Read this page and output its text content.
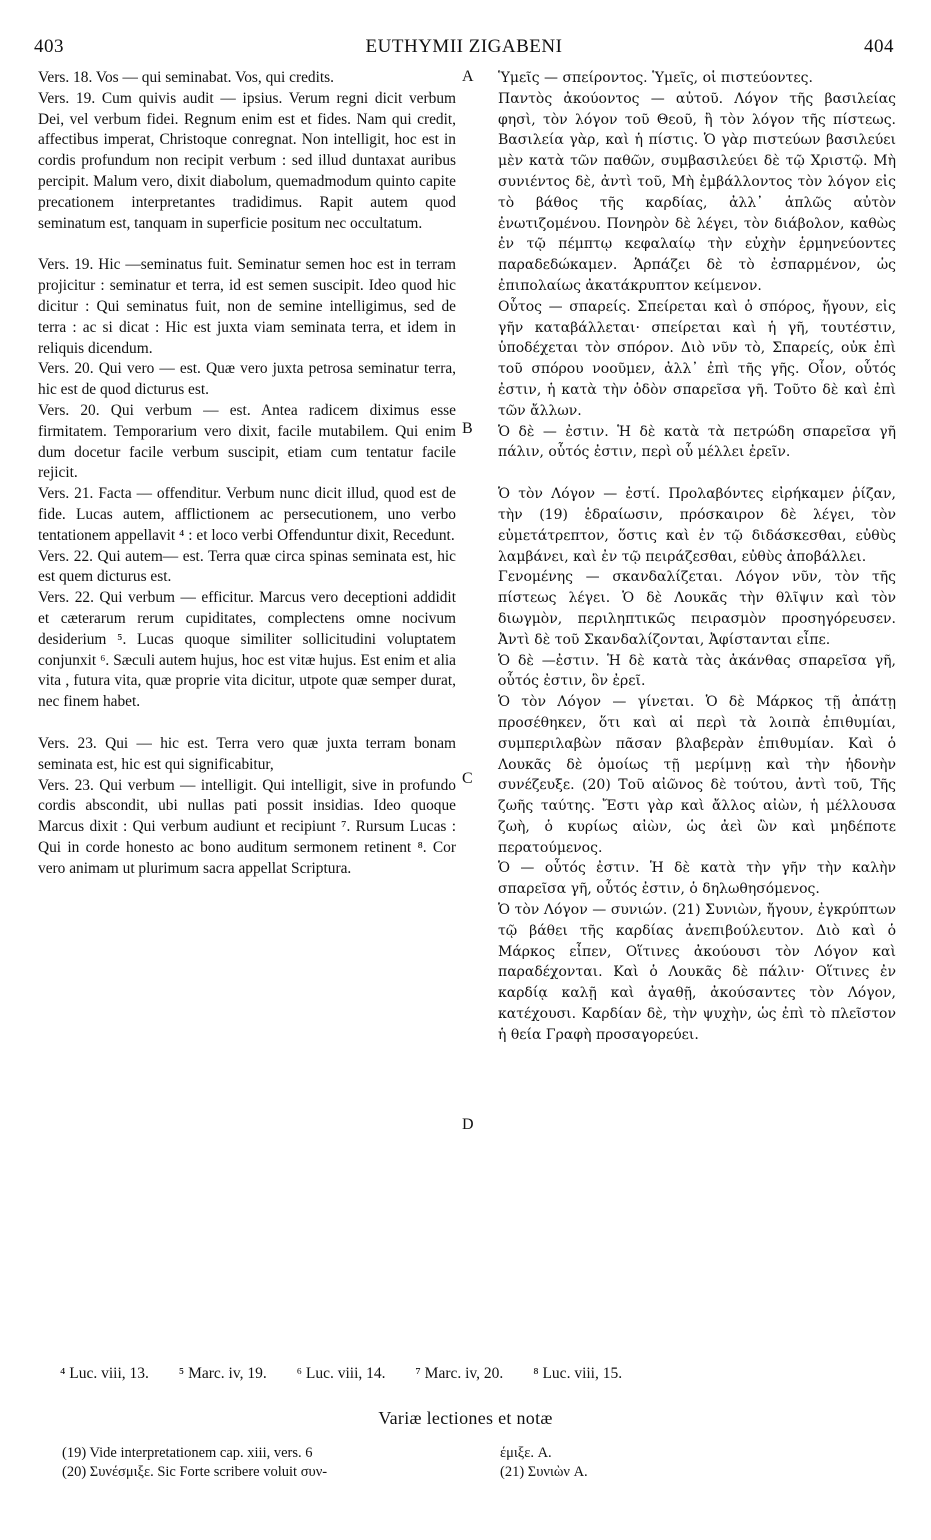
403	EUTHYMII ZIGABENI	404

Vers. 18. Vos — qui seminabat. Vos, qui credits.

Vers. 19. Cum quivis audit — ipsius. Verum regni dicit verbum Dei, vel verbum fidei. Regnum enim est et fides. Nam qui credit, affectibus imperat, Christoque conregnat. Non intelligit, hoc est in cordis profundum non recipit verbum : sed illud duntaxat auribus percipit. Malum vero, dixit diabolum, quemadmodum quinto capite precationem interpretantes tradidimus. Rapit autem quod seminatum est, tanquam in superficie positum nec occultatum.

Vers. 19. Hic —seminatus fuit. Seminatur semen hoc est in terram projicitur : seminatur et terra, id est semen suscipit. Ideo quod hic dicitur : Qui seminatus fuit, non de semine intelligimus, sed de terra : ac si dicat : Hic est juxta viam seminata terra, et idem in reliquis dicendum.

Vers. 20. Qui vero — est. Quæ vero juxta petrosa seminatur terra, hic est de quod dicturus est.

Vers. 20. Qui verbum — est. Antea radicem diximus esse firmitatem. Temporarium vero dixit, facile mutabilem. Qui enim dum docetur facile verbum suscipit, etiam cum tentatur facile rejicit.

Vers. 21. Facta — offenditur. Verbum nunc dicit illud, quod est de fide. Lucas autem, afflictionem ac persecutionem, uno verbo tentationem appellavit ⁴ : et loco verbi Offenduntur dixit, Recedunt.

Vers. 22. Qui autem— est. Terra quæ circa spinas seminata est, hic est quem dicturus est.

Vers. 22. Qui verbum — efficitur. Marcus vero deceptioni addidit et cæterarum rerum cupiditates, complectens omne nocivum desiderium ⁵. Lucas quoque similiter sollicitudini voluptatem conjunxit ⁶. Sæculi autem hujus, hoc est vitæ hujus. Est enim et alia vita , futura vita, quæ proprie vita dicitur, utpote quæ semper durat, nec finem habet.

Vers. 23. Qui — hic est. Terra vero quæ juxta terram bonam seminata est, hic est qui significabitur,

Vers. 23. Qui verbum — intelligit. Qui intelligit, sive in profundo cordis abscondit, ubi nullas pati possit insidias. Ideo quoque Marcus dixit : Qui verbum audiunt et recipiunt ⁷. Rursum Lucas : Qui in corde honesto ac bono auditum sermonem retinent ⁸. Cor vero animam ut plurimum sacra appellat Scriptura.

A
B
C
D

Ὑμεῖς — σπείροντος. Ὑμεῖς, οἱ πιστεύοντες.

Παντὸς ἀκούοντος — αὐτοῦ. Λόγον τῆς βασιλείας φησὶ, τὸν λόγον τοῦ Θεοῦ, ἢ τὸν λόγον τῆς πίστεως. Βασιλεία γὰρ, καὶ ἡ πίστις. Ὁ γὰρ πιστεύων βασιλεύει μὲν κατὰ τῶν παθῶν, συμβασιλεύει δὲ τῷ Χριστῷ. Μὴ συνιέντος δὲ, ἀντὶ τοῦ, Μὴ ἐμβάλλοντος τὸν λόγον εἰς τὸ βάθος τῆς καρδίας, ἀλλ᾽ ἁπλῶς αὐτὸν ἐνωτιζομένου. Πονηρὸν δὲ λέγει, τὸν διάβολον, καθὼς ἐν τῷ πέμπτῳ κεφαλαίῳ τὴν εὐχὴν ἑρμηνεύοντες παραδεδώκαμεν. Ἁρπάζει δὲ τὸ ἐσπαρμένον, ὡς ἐπιπολαίως ἀκατάκρυπτον κείμενον.

Οὗτος — σπαρείς. Σπείρεται καὶ ὁ σπόρος, ἤγουν, εἰς γῆν καταβάλλεται· σπείρεται καὶ ἡ γῆ, τουτέστιν, ὑποδέχεται τὸν σπόρον. Διὸ νῦν τὸ, Σπαρείς, οὐκ ἐπὶ τοῦ σπόρου νοοῦμεν, ἀλλ᾽ ἐπὶ τῆς γῆς. Οἷον, οὗτός ἐστιν, ἡ κατὰ τὴν ὁδὸν σπαρεῖσα γῆ. Τοῦτο δὲ καὶ ἐπὶ τῶν ἄλλων.

Ὁ δὲ — ἐστιν. Ἡ δὲ κατὰ τὰ πετρώδη σπαρεῖσα γῆ πάλιν, οὗτός ἐστιν, περὶ οὗ μέλλει ἐρεῖν.

Ὁ τὸν Λόγον — ἐστί. Προλαβόντες εἰρήκαμεν ῥίζαν, τὴν (19) ἑδραίωσιν, πρόσκαιρον δὲ λέγει, τὸν εὐμετάτρεπτον, ὅστις καὶ ἐν τῷ διδάσκεσθαι, εὐθὺς λαμβάνει, καὶ ἐν τῷ πειράζεσθαι, εὐθὺς ἀποβάλλει.

Γενομένης — σκανδαλίζεται. Λόγον νῦν, τὸν τῆς πίστεως λέγει. Ὁ δὲ Λουκᾶς τὴν θλῖψιν καὶ τὸν διωγμὸν, περιληπτικῶς πειρασμὸν προσηγόρευσεν. Ἀντὶ δὲ τοῦ Σκανδαλίζονται, Ἀφίστανται εἶπε.

Ὁ δὲ —ἐστιν. Ἡ δὲ κατὰ τὰς ἀκάνθας σπαρεῖσα γῆ, οὗτός ἐστιν, ὃν ἐρεῖ.

Ὁ τὸν Λόγον — γίνεται. Ὁ δὲ Μάρκος τῇ ἀπάτῃ προσέθηκεν, ὅτι καὶ αἱ περὶ τὰ λοιπὰ ἐπιθυμίαι, συμπεριλαβὼν πᾶσαν βλαβερὰν ἐπιθυμίαν. Καὶ ὁ Λουκᾶς δὲ ὁμοίως τῇ μερίμνῃ καὶ τὴν ἡδονὴν συνέζευξε. (20) Τοῦ αἰῶνος δὲ τούτου, ἀντὶ τοῦ, Τῆς ζωῆς ταύτης. Ἔστι γὰρ καὶ ἄλλος αἰὼν, ἡ μέλλουσα ζωὴ, ὁ κυρίως αἰὼν, ὡς ἀεὶ ὢν καὶ μηδέποτε περατούμενος.

Ὁ — οὗτός ἐστιν. Ἡ δὲ κατὰ τὴν γῆν τὴν καλὴν σπαρεῖσα γῆ, οὗτός ἐστιν, ὁ δηλωθησόμενος.

Ὁ τὸν Λόγον — συνιών. (21) Συνιὼν, ἤγουν, ἐγκρύπτων τῷ βάθει τῆς καρδίας ἀνεπιβούλευτον. Διὸ καὶ ὁ Μάρκος εἶπεν, Οἵτινες ἀκούουσι τὸν Λόγον καὶ παραδέχονται. Καὶ ὁ Λουκᾶς δὲ πάλιν· Οἵτινες ἐν καρδίᾳ καλῇ καὶ ἀγαθῇ, ἀκούσαντες τὸν Λόγον, κατέχουσι. Καρδίαν δὲ, τὴν ψυχὴν, ὡς ἐπὶ τὸ πλεῖστον ἡ θεία Γραφὴ προσαγορεύει.

⁴ Luc. viii, 13. ⁵ Marc. iv, 19. ⁶ Luc. viii, 14. ⁷ Marc. iv, 20. ⁸ Luc. viii, 15.
Variæ lectiones et notæ
(19) Vide interpretationem cap. xiii, vers. 6
(20) Συνέσμιξε. Sic Forte scribere voluit συν-
έμιξε. A.
(21) Συνιὼν A.
